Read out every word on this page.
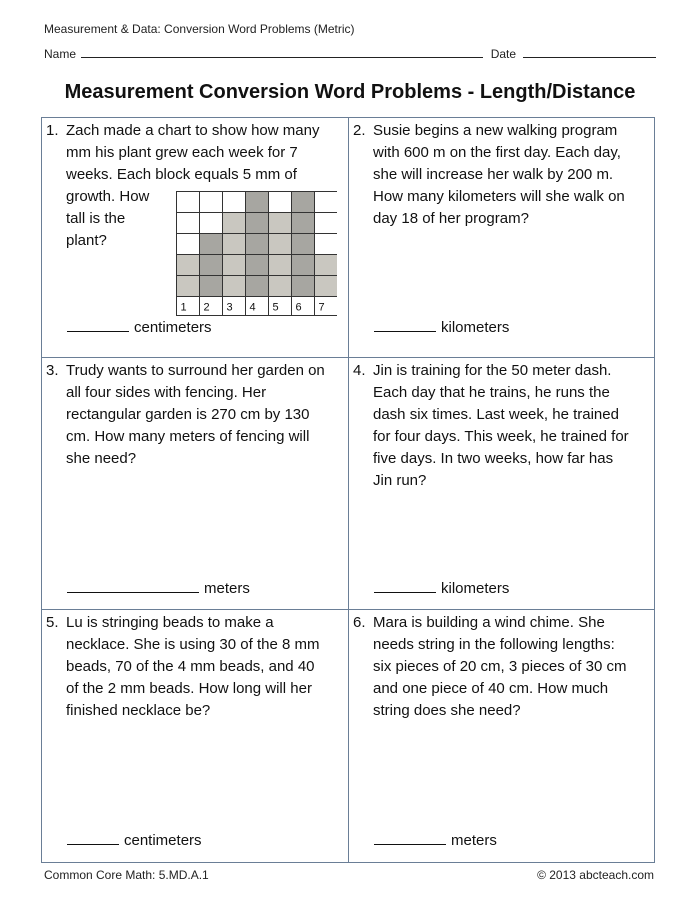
Measurement & Data: Conversion Word Problems (Metric)
Name	Date
Measurement Conversion Word Problems - Length/Distance
1. Zach made a chart to show how many
mm his plant grew each week for 7
weeks. Each block equals 5 mm of
growth. How
tall is the
plant?
1 2 3 4 5 6 7
centimeters
2. Susie begins a new walking program
with 600 m on the first day. Each day,
she will increase her walk by 200 m.
How many kilometers will she walk on
day 18 of her program?
kilometers
3. Trudy wants to surround her garden on
all four sides with fencing. Her
rectangular garden is 270 cm by 130
cm. How many meters of fencing will
she need?
meters
4. Jin is training for the 50 meter dash.
Each day that he trains, he runs the
dash six times. Last week, he trained
for four days. This week, he trained for
five days. In two weeks, how far has
Jin run?
kilometers
5. Lu is stringing beads to make a
necklace. She is using 30 of the 8 mm
beads, 70 of the 4 mm beads, and 40
of the 2 mm beads. How long will her
finished necklace be?
centimeters
6. Mara is building a wind chime. She
needs string in the following lengths:
six pieces of 20 cm, 3 pieces of 30 cm
and one piece of 40 cm. How much
string does she need?
meters
Common Core Math: 5.MD.A.1	© 2013 abcteach.com
